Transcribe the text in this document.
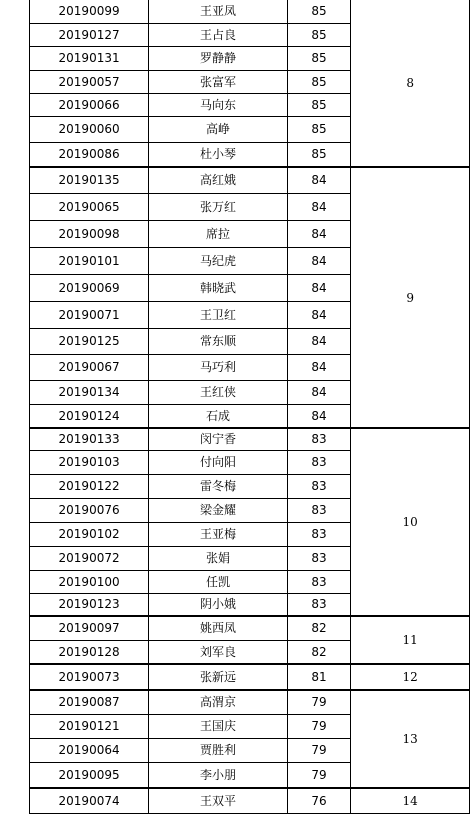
20190099	王亚凤	85	8
20190127	王占良	85	
20190131	罗静静	85	
20190057	张富军	85	
20190066	马向东	85	
20190060	高峥	85	
20190086	杜小琴	85	
20190135	高红娥	84	9
20190065	张万红	84	
20190098	席拉	84	
20190101	马纪虎	84	
20190069	韩晓武	84	
20190071	王卫红	84	
20190125	常东顺	84	
20190067	马巧利	84	
20190134	王红侠	84	
20190124	石成	84	
20190133	闵宁香	83	10
20190103	付向阳	83	
20190122	雷冬梅	83	
20190076	梁金耀	83	
20190102	王亚梅	83	
20190072	张娟	83	
20190100	任凯	83	
20190123	阴小娥	83	
20190097	姚西凤	82	11
20190128	刘军良	82	
20190073	张新远	81	12
20190087	高渭京	79	13
20190121	王国庆	79	
20190064	贾胜利	79	
20190095	李小朋	79	
20190074	王双平	76	14
